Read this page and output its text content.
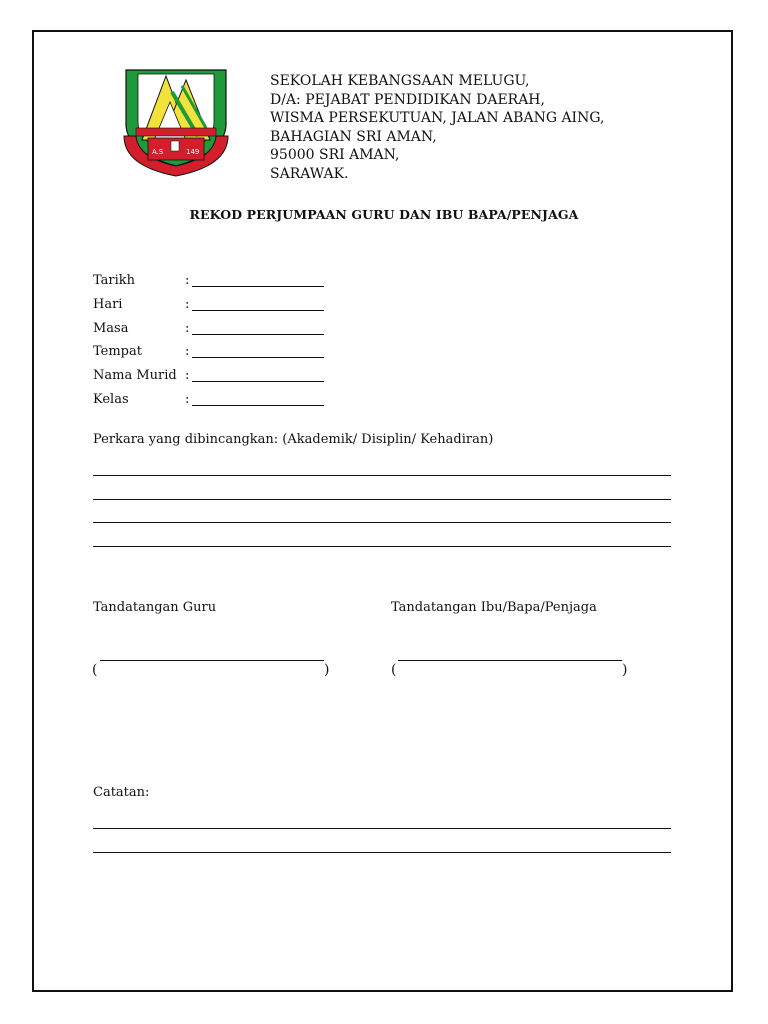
A.S	149
SEKOLAH KEBANGSAAN MELUGU,
D/A: PEJABAT PENDIDIKAN DAERAH,
WISMA PERSEKUTUAN, JALAN ABANG AING,
BAHAGIAN SRI AMAN,
95000 SRI AMAN,
SARAWAK.
REKOD PERJUMPAAN GURU DAN IBU BAPA/PENJAGA
Tarikh	:
Hari	:
Masa	:
Tempat	:
Nama Murid :
Kelas	:
Perkara yang dibincangkan: (Akademik/ Disiplin/ Kehadiran)
Tandatangan Guru	Tandatangan Ibu/Bapa/Penjaga
(	)	(	)
Catatan:
